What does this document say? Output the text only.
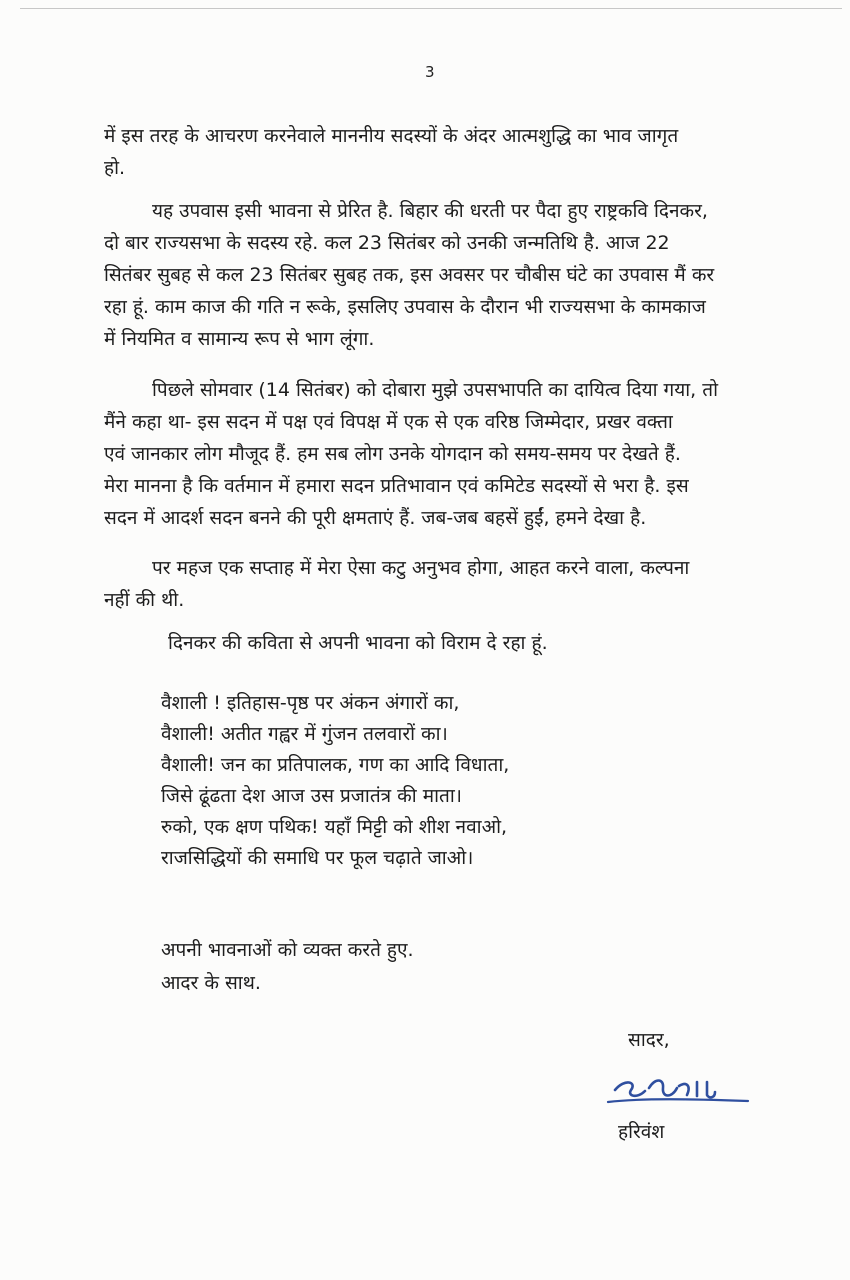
3
में इस तरह के आचरण करनेवाले माननीय सदस्यों के अंदर आत्मशुद्धि का भाव जागृत
हो.
यह उपवास इसी भावना से प्रेरित है. बिहार की धरती पर पैदा हुए राष्ट्रकवि दिनकर,
दो बार राज्यसभा के सदस्य रहे. कल 23 सितंबर को उनकी जन्मतिथि है. आज 22
सितंबर सुबह से कल 23 सितंबर सुबह तक, इस अवसर पर चौबीस घंटे का उपवास मैं कर
रहा हूं. काम काज की गति न रूके, इसलिए उपवास के दौरान भी राज्यसभा के कामकाज
में नियमित व सामान्य रूप से भाग लूंगा.
पिछले सोमवार (14 सितंबर) को दोबारा मुझे उपसभापति का दायित्व दिया गया, तो
मैंने कहा था- इस सदन में पक्ष एवं विपक्ष में एक से एक वरिष्ठ जिम्मेदार, प्रखर वक्ता
एवं जानकार लोग मौजूद हैं. हम सब लोग उनके योगदान को समय-समय पर देखते हैं.
मेरा मानना है कि वर्तमान में हमारा सदन प्रतिभावान एवं कमिटेड सदस्यों से भरा है. इस
सदन में आदर्श सदन बनने की पूरी क्षमताएं हैं. जब-जब बहसें हुईं, हमने देखा है.
पर महज एक सप्ताह में मेरा ऐसा कटु अनुभव होगा, आहत करने वाला, कल्पना
नहीं की थी.
दिनकर की कविता से अपनी भावना को विराम दे रहा हूं.
वैशाली ! इतिहास-पृष्ठ पर अंकन अंगारों का,
वैशाली! अतीत गह्वर में गुंजन तलवारों का।
वैशाली! जन का प्रतिपालक, गण का आदि विधाता,
जिसे ढूंढता देश आज उस प्रजातंत्र की माता।
रुको, एक क्षण पथिक! यहाँ मिट्टी को शीश नवाओ,
राजसिद्धियों की समाधि पर फूल चढ़ाते जाओ।
अपनी भावनाओं को व्यक्त करते हुए.
आदर के साथ.
सादर,
हरिवंश
